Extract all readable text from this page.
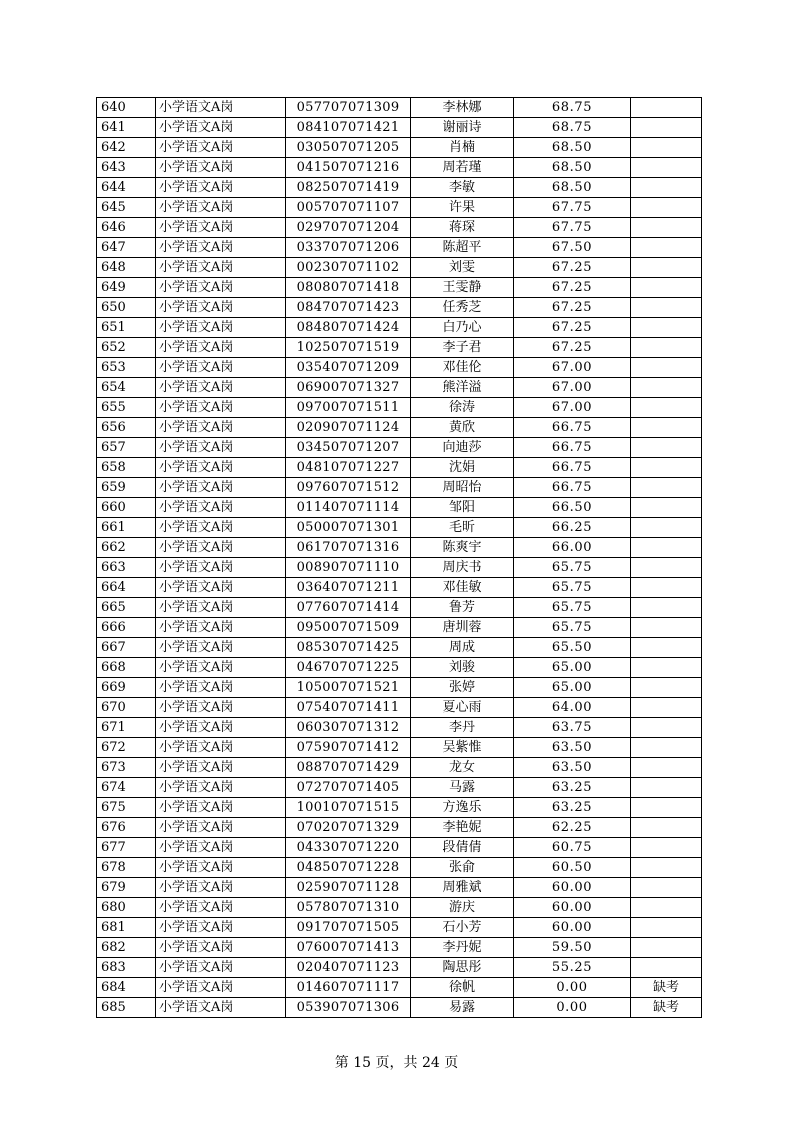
640	小学语文A岗	057707071309	李林娜	68.75	
641	小学语文A岗	084107071421	谢丽诗	68.75	
642	小学语文A岗	030507071205	肖楠	68.50	
643	小学语文A岗	041507071216	周若瑾	68.50	
644	小学语文A岗	082507071419	李敏	68.50	
645	小学语文A岗	005707071107	许果	67.75	
646	小学语文A岗	029707071204	蒋琛	67.75	
647	小学语文A岗	033707071206	陈超平	67.50	
648	小学语文A岗	002307071102	刘雯	67.25	
649	小学语文A岗	080807071418	王雯静	67.25	
650	小学语文A岗	084707071423	任秀芝	67.25	
651	小学语文A岗	084807071424	白乃心	67.25	
652	小学语文A岗	102507071519	李子君	67.25	
653	小学语文A岗	035407071209	邓佳伦	67.00	
654	小学语文A岗	069007071327	熊洋溢	67.00	
655	小学语文A岗	097007071511	徐涛	67.00	
656	小学语文A岗	020907071124	黄欣	66.75	
657	小学语文A岗	034507071207	向迪莎	66.75	
658	小学语文A岗	048107071227	沈娟	66.75	
659	小学语文A岗	097607071512	周昭怡	66.75	
660	小学语文A岗	011407071114	邹阳	66.50	
661	小学语文A岗	050007071301	毛昕	66.25	
662	小学语文A岗	061707071316	陈爽宇	66.00	
663	小学语文A岗	008907071110	周庆书	65.75	
664	小学语文A岗	036407071211	邓佳敏	65.75	
665	小学语文A岗	077607071414	鲁芳	65.75	
666	小学语文A岗	095007071509	唐圳蓉	65.75	
667	小学语文A岗	085307071425	周成	65.50	
668	小学语文A岗	046707071225	刘骏	65.00	
669	小学语文A岗	105007071521	张婷	65.00	
670	小学语文A岗	075407071411	夏心雨	64.00	
671	小学语文A岗	060307071312	李丹	63.75	
672	小学语文A岗	075907071412	吴紫惟	63.50	
673	小学语文A岗	088707071429	龙女	63.50	
674	小学语文A岗	072707071405	马露	63.25	
675	小学语文A岗	100107071515	方逸乐	63.25	
676	小学语文A岗	070207071329	李艳妮	62.25	
677	小学语文A岗	043307071220	段倩倩	60.75	
678	小学语文A岗	048507071228	张俞	60.50	
679	小学语文A岗	025907071128	周雅斌	60.00	
680	小学语文A岗	057807071310	游庆	60.00	
681	小学语文A岗	091707071505	石小芳	60.00	
682	小学语文A岗	076007071413	李丹妮	59.50	
683	小学语文A岗	020407071123	陶思彤	55.25	
684	小学语文A岗	014607071117	徐帆	0.00	缺考
685	小学语文A岗	053907071306	易露	0.00	缺考
第 15 页，共 24 页
